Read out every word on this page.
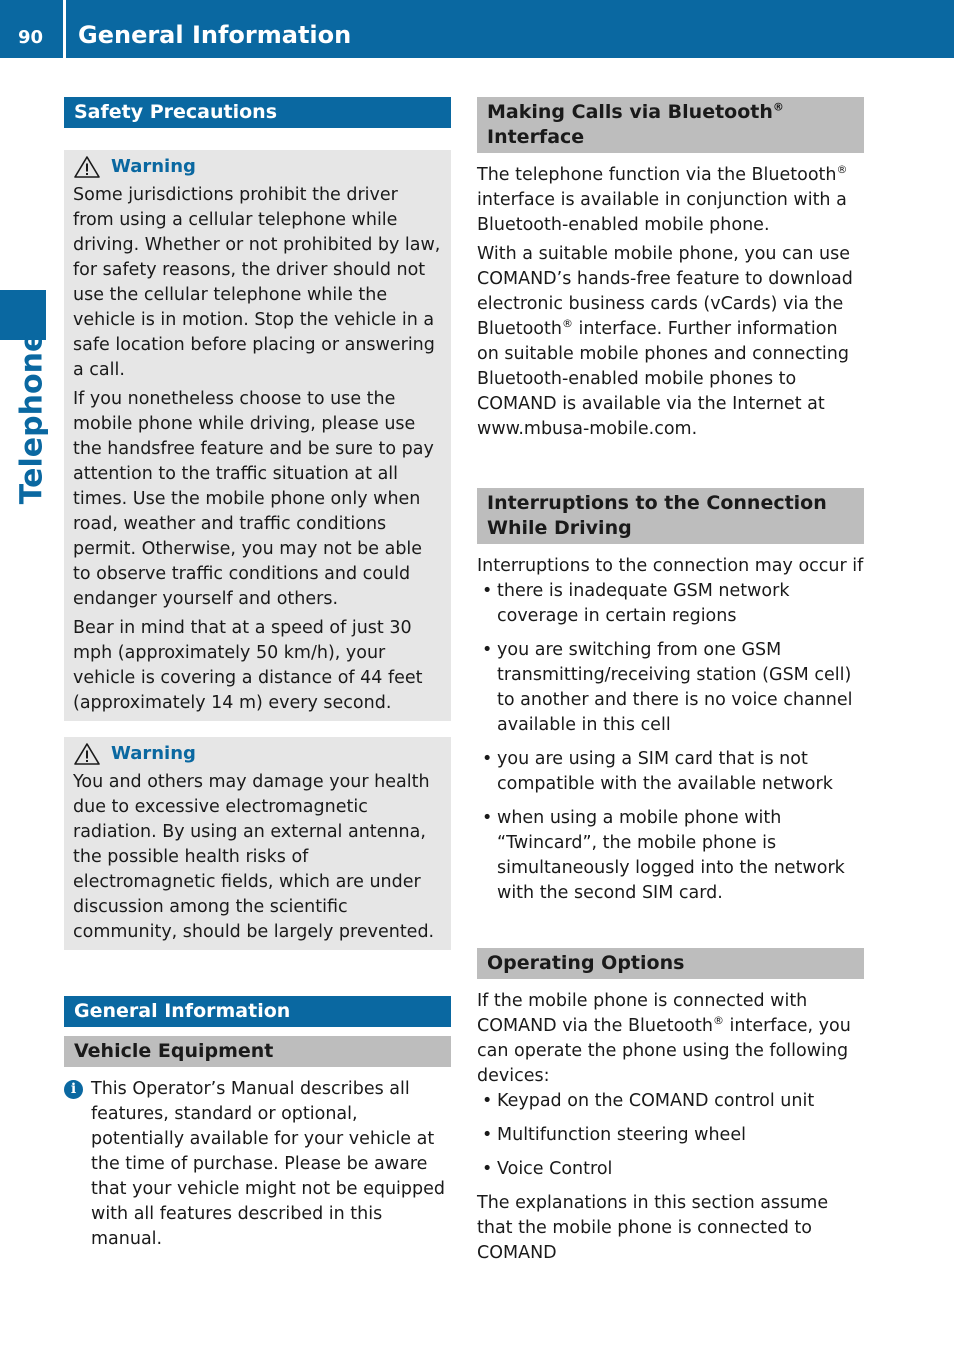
90 General Information
Telephone
Safety Precautions
Warning

Some jurisdictions prohibit the driver from using a cellular telephone while driving. Whether or not prohibited by law, for safety reasons, the driver should not use the cellular telephone while the vehicle is in motion. Stop the vehicle in a safe location before placing or answering a call.

If you nonetheless choose to use the mobile phone while driving, please use the handsfree feature and be sure to pay attention to the traffic situation at all times. Use the mobile phone only when road, weather and traffic conditions permit. Otherwise, you may not be able to observe traffic conditions and could endanger yourself and others.

Bear in mind that at a speed of just 30 mph (approximately 50 km/h), your vehicle is covering a distance of 44 feet (approximately 14 m) every second.

Warning

You and others may damage your health due to excessive electromagnetic radiation. By using an external antenna, the possible health risks of electromagnetic fields, which are under discussion among the scientific community, should be largely prevented.

General Information
Vehicle Equipment
i This Operator’s Manual describes all features, standard or optional, potentially available for your vehicle at the time of purchase. Please be aware that your vehicle might not be equipped with all features described in this manual.
Making Calls via Bluetooth® Interface

The telephone function via the Bluetooth® interface is available in conjunction with a Bluetooth-enabled mobile phone.

With a suitable mobile phone, you can use COMAND’s hands-free feature to download electronic business cards (vCards) via the Bluetooth® interface. Further information on suitable mobile phones and connecting Bluetooth-enabled mobile phones to COMAND is available via the Internet at www.mbusa-mobile.com.

Interruptions to the Connection While Driving

Interruptions to the connection may occur if

• there is inadequate GSM network coverage in certain regions
• you are switching from one GSM transmitting/receiving station (GSM cell) to another and there is no voice channel available in this cell
• you are using a SIM card that is not compatible with the available network
• when using a mobile phone with “Twincard”, the mobile phone is simultaneously logged into the network with the second SIM card.
Operating Options

If the mobile phone is connected with COMAND via the Bluetooth® interface, you can operate the phone using the following devices:

• Keypad on the COMAND control unit
• Multifunction steering wheel
• Voice Control

The explanations in this section assume that the mobile phone is connected to COMAND
